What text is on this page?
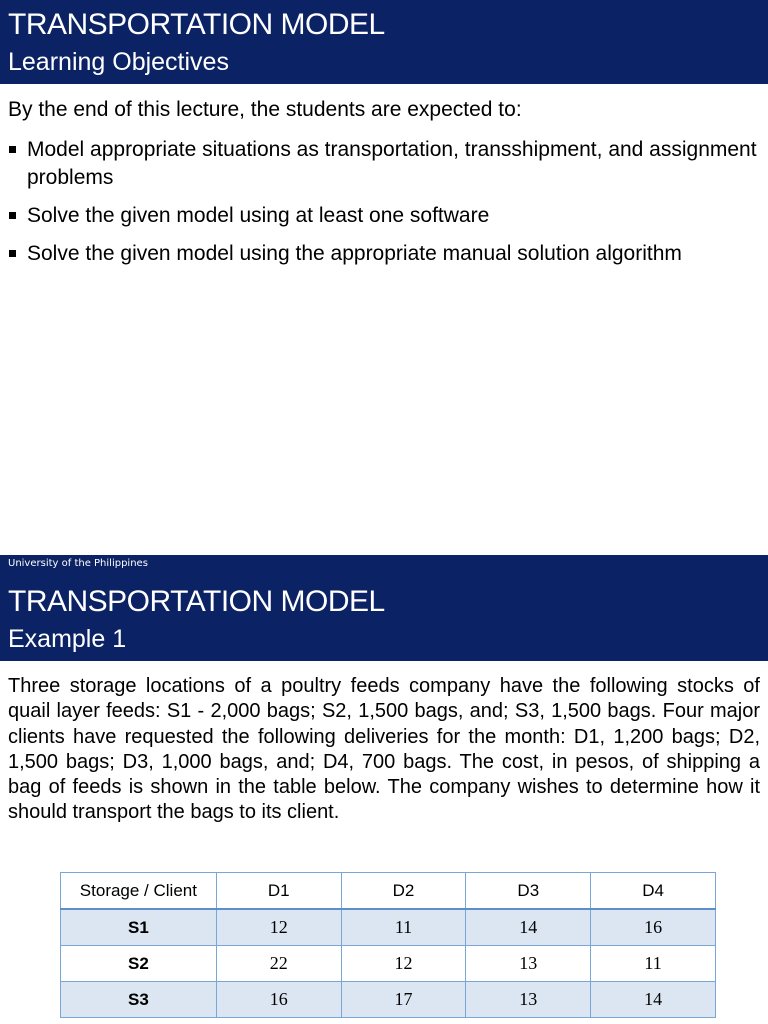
TRANSPORTATION MODEL
Learning Objectives

By the end of this lecture, the students are expected to:

Model appropriate situations as transportation, transshipment, and assignment problems
Solve the given model using at least one software
Solve the given model using the appropriate manual solution algorithm
University of the Philippines
TRANSPORTATION MODEL
Example 1

Three storage locations of a poultry feeds company have the following stocks of quail layer feeds: S1 - 2,000 bags; S2, 1,500 bags, and; S3, 1,500 bags. Four major clients have requested the following deliveries for the month: D1, 1,200 bags; D2, 1,500 bags; D3, 1,000 bags, and; D4, 700 bags. The cost, in pesos, of shipping a bag of feeds is shown in the table below. The company wishes to determine how it should transport the bags to its client.

Storage / Client	D1	D2	D3	D4
S1	12	11	14	16
S2	22	12	13	11
S3	16	17	13	14
